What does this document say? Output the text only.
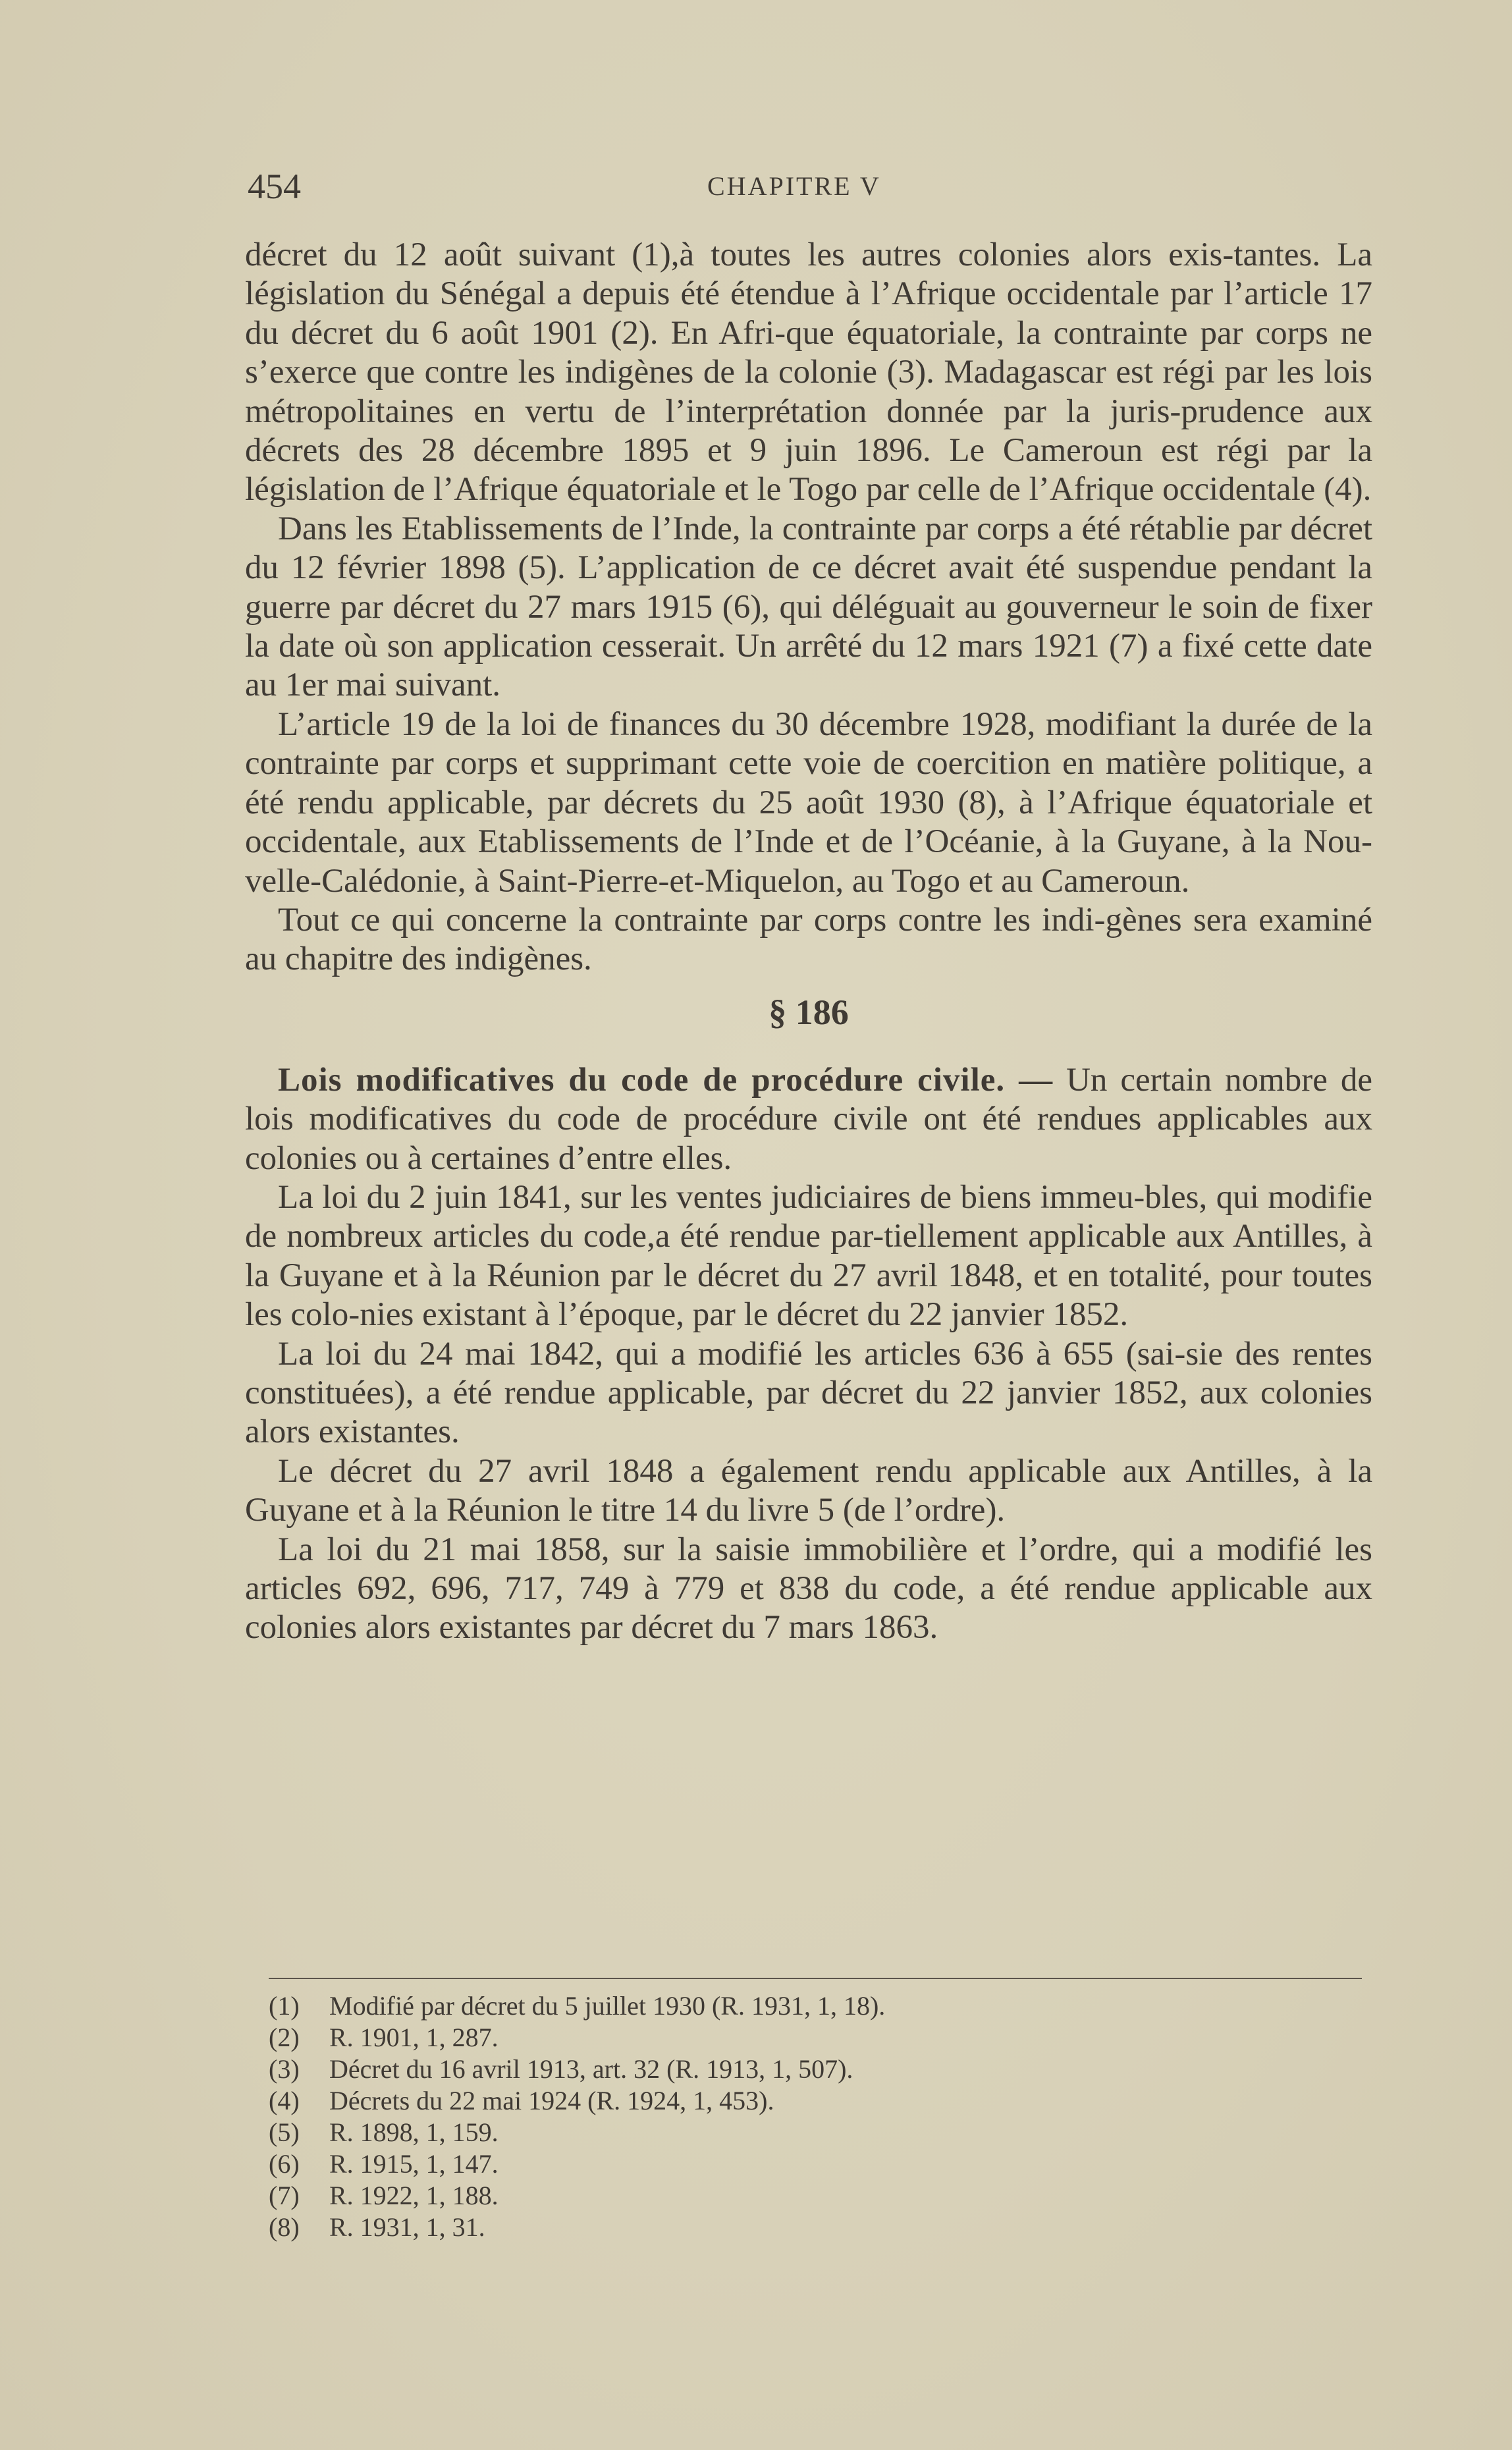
454	CHAPITRE V

décret du 12 août suivant (1),à toutes les autres colonies alors exis-tantes. La législation du Sénégal a depuis été étendue à l’Afrique occidentale par l’article 17 du décret du 6 août 1901 (2). En Afri-que équatoriale, la contrainte par corps ne s’exerce que contre les indigènes de la colonie (3). Madagascar est régi par les lois métropolitaines en vertu de l’interprétation donnée par la juris-prudence aux décrets des 28 décembre 1895 et 9 juin 1896. Le Cameroun est régi par la législation de l’Afrique équatoriale et le Togo par celle de l’Afrique occidentale (4).

Dans les Etablissements de l’Inde, la contrainte par corps a été rétablie par décret du 12 février 1898 (5). L’application de ce décret avait été suspendue pendant la guerre par décret du 27 mars 1915 (6), qui déléguait au gouverneur le soin de fixer la date où son application cesserait. Un arrêté du 12 mars 1921 (7) a fixé cette date au 1er mai suivant.

L’article 19 de la loi de finances du 30 décembre 1928, modifiant la durée de la contrainte par corps et supprimant cette voie de coercition en matière politique, a été rendu applicable, par décrets du 25 août 1930 (8), à l’Afrique équatoriale et occidentale, aux Etablissements de l’Inde et de l’Océanie, à la Guyane, à la Nou-velle-Calédonie, à Saint-Pierre-et-Miquelon, au Togo et au Cameroun.

Tout ce qui concerne la contrainte par corps contre les indi-gènes sera examiné au chapitre des indigènes.

§ 186

Lois modificatives du code de procédure civile. — Un certain nombre de lois modificatives du code de procédure civile ont été rendues applicables aux colonies ou à certaines d’entre elles.

La loi du 2 juin 1841, sur les ventes judiciaires de biens immeu-bles, qui modifie de nombreux articles du code,a été rendue par-tiellement applicable aux Antilles, à la Guyane et à la Réunion par le décret du 27 avril 1848, et en totalité, pour toutes les colo-nies existant à l’époque, par le décret du 22 janvier 1852.

La loi du 24 mai 1842, qui a modifié les articles 636 à 655 (sai-sie des rentes constituées), a été rendue applicable, par décret du 22 janvier 1852, aux colonies alors existantes.

Le décret du 27 avril 1848 a également rendu applicable aux Antilles, à la Guyane et à la Réunion le titre 14 du livre 5 (de l’ordre).

La loi du 21 mai 1858, sur la saisie immobilière et l’ordre, qui a modifié les articles 692, 696, 717, 749 à 779 et 838 du code, a été rendue applicable aux colonies alors existantes par décret du 7 mars 1863.

(1) Modifié par décret du 5 juillet 1930 (R. 1931, 1, 18).

(2) R. 1901, 1, 287.

(3) Décret du 16 avril 1913, art. 32 (R. 1913, 1, 507).

(4) Décrets du 22 mai 1924 (R. 1924, 1, 453).

(5) R. 1898, 1, 159.

(6) R. 1915, 1, 147.

(7) R. 1922, 1, 188.

(8) R. 1931, 1, 31.
